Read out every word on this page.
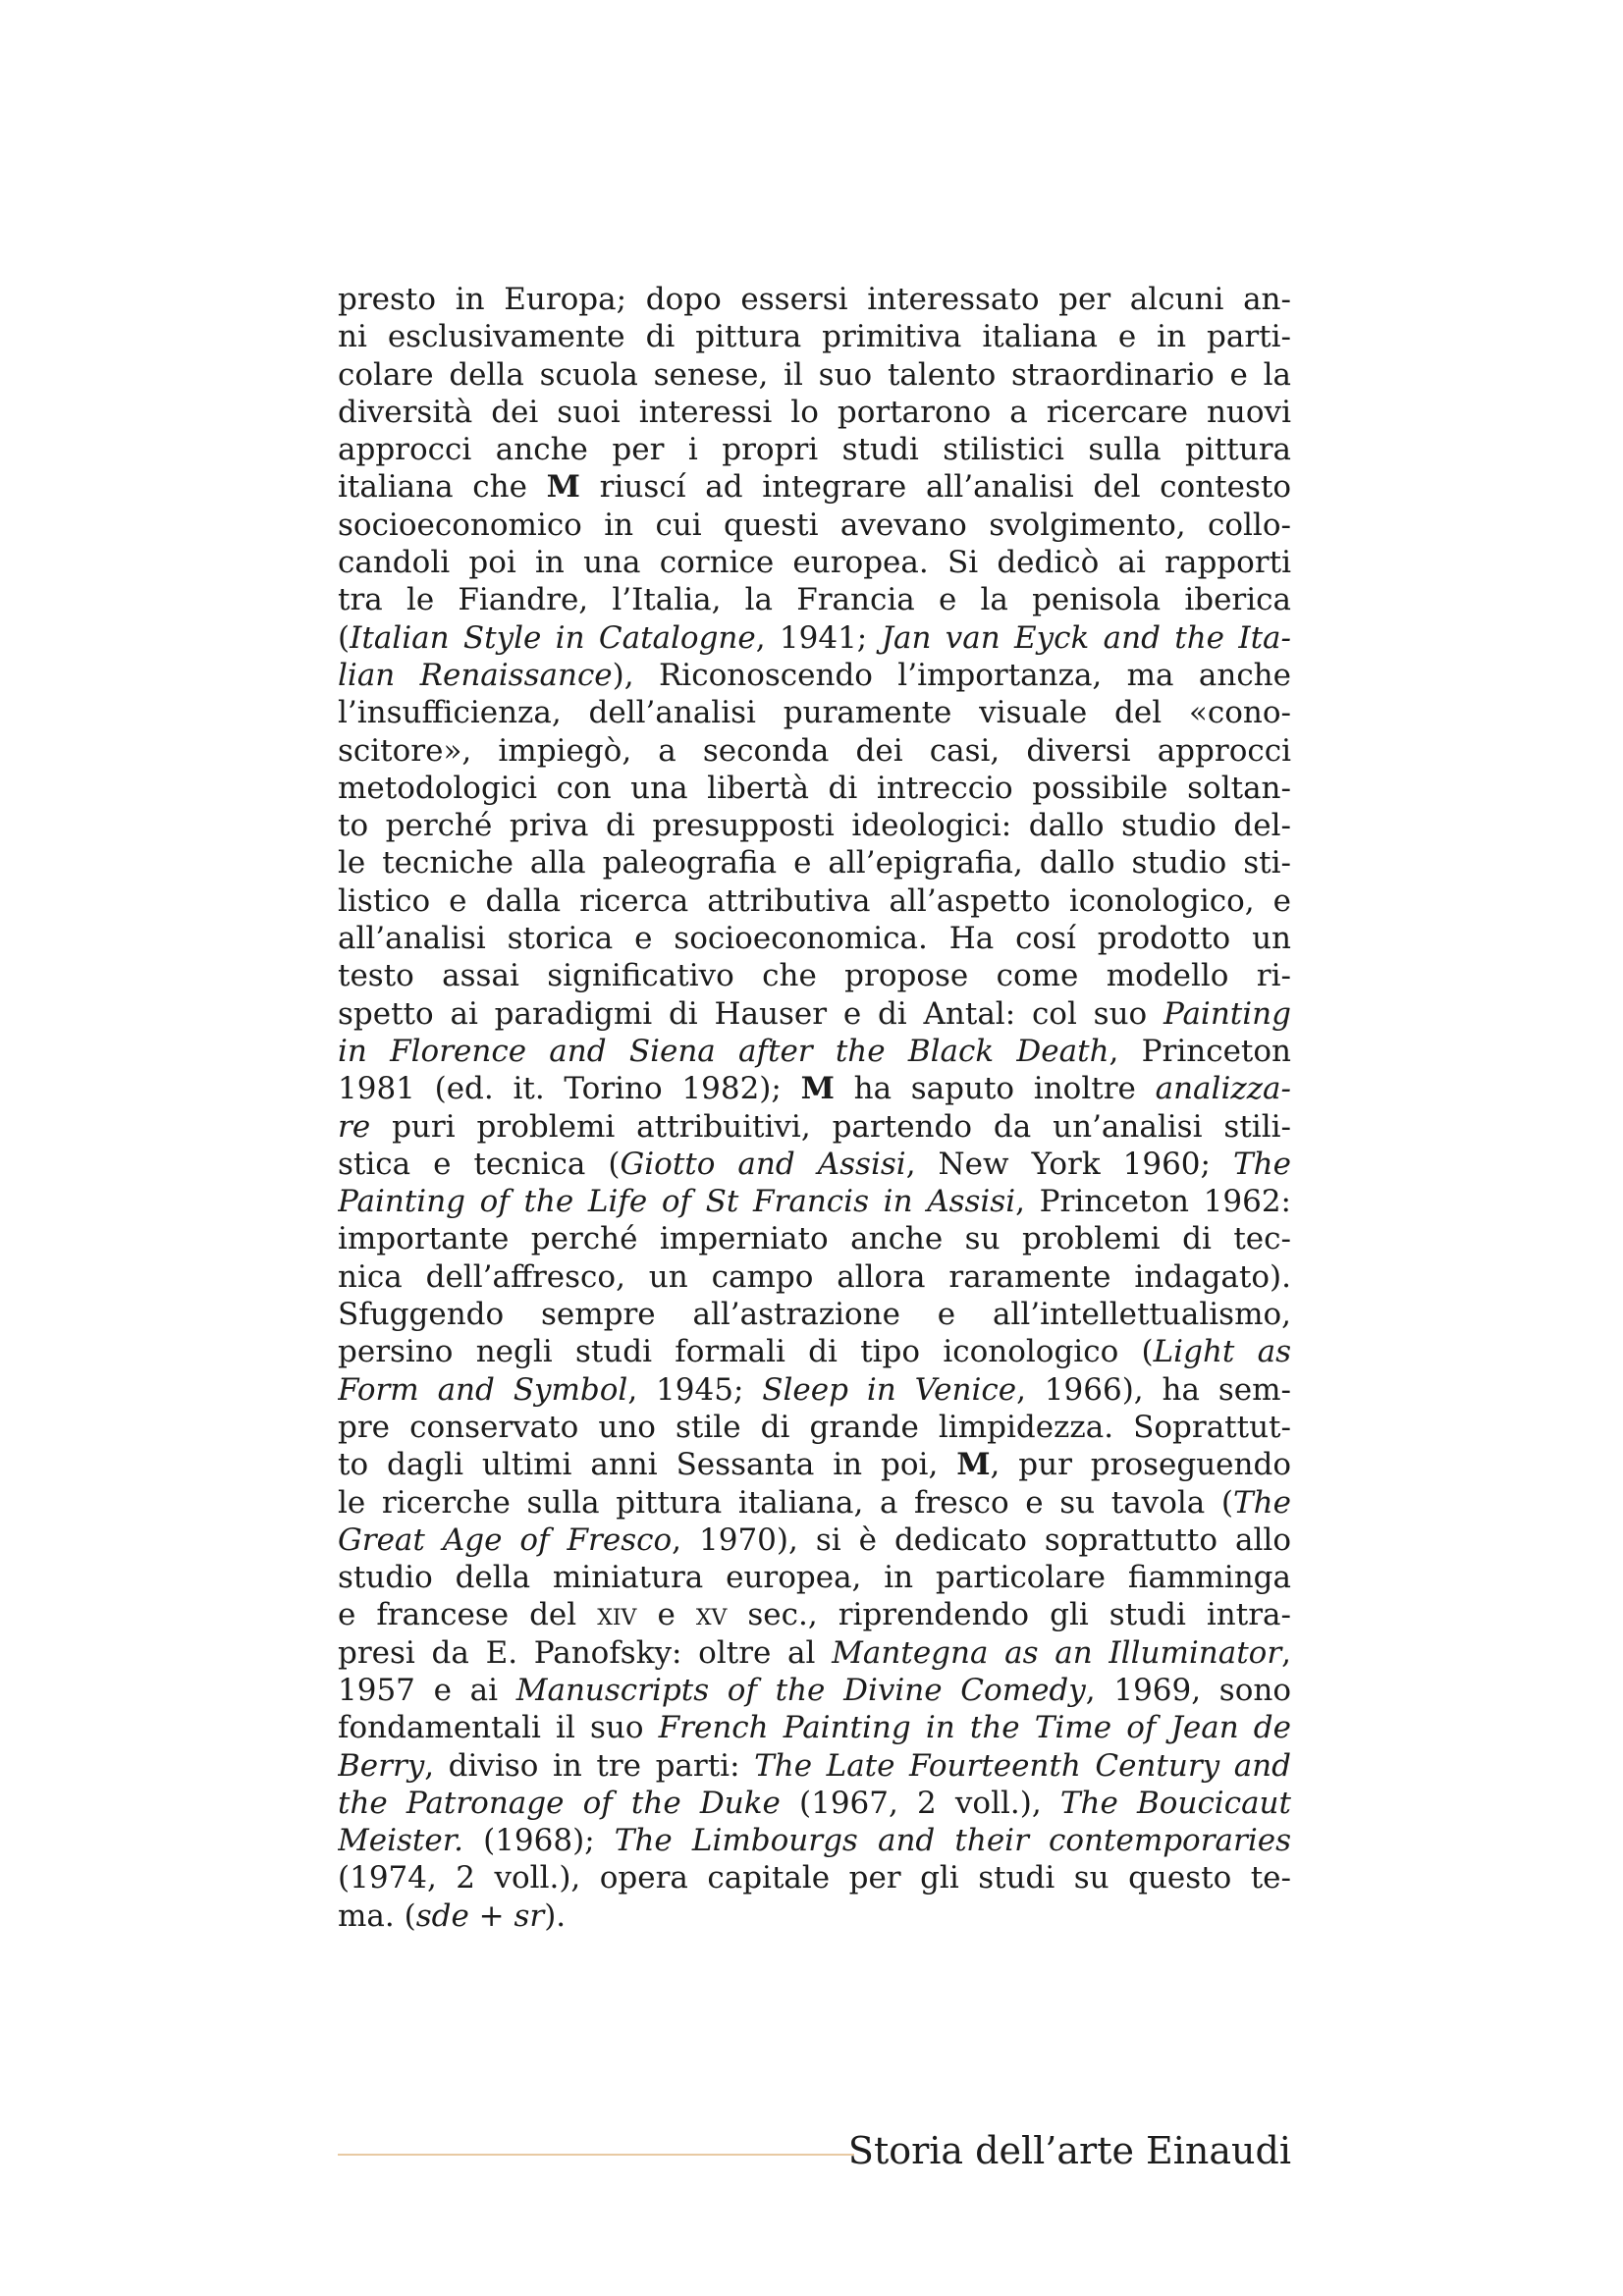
presto in Europa; dopo essersi interessato per alcuni an-
ni esclusivamente di pittura primitiva italiana e in parti-
colare della scuola senese, il suo talento straordinario e la
diversità dei suoi interessi lo portarono a ricercare nuovi
approcci anche per i propri studi stilistici sulla pittura
italiana che M riuscí ad integrare all’analisi del contesto
socioeconomico in cui questi avevano svolgimento, collo-
candoli poi in una cornice europea. Si dedicò ai rapporti
tra le Fiandre, l’Italia, la Francia e la penisola iberica
(Italian Style in Catalogne, 1941; Jan van Eyck and the Ita-
lian Renaissance), Riconoscendo l’importanza, ma anche
l’insufficienza, dell’analisi puramente visuale del «cono-
scitore», impiegò, a seconda dei casi, diversi approcci
metodologici con una libertà di intreccio possibile soltan-
to perché priva di presupposti ideologici: dallo studio del-
le tecniche alla paleografia e all’epigrafia, dallo studio sti-
listico e dalla ricerca attributiva all’aspetto iconologico, e
all’analisi storica e socioeconomica. Ha cosí prodotto un
testo assai significativo che propose come modello ri-
spetto ai paradigmi di Hauser e di Antal: col suo Painting
in Florence and Siena after the Black Death, Princeton
1981 (ed. it. Torino 1982); M ha saputo inoltre analizza-
re puri problemi attribuitivi, partendo da un’analisi stili-
stica e tecnica (Giotto and Assisi, New York 1960; The
Painting of the Life of St Francis in Assisi, Princeton 1962:
importante perché imperniato anche su problemi di tec-
nica dell’affresco, un campo allora raramente indagato).
Sfuggendo sempre all’astrazione e all’intellettualismo,
persino negli studi formali di tipo iconologico (Light as
Form and Symbol, 1945; Sleep in Venice, 1966), ha sem-
pre conservato uno stile di grande limpidezza. Soprattut-
to dagli ultimi anni Sessanta in poi, M, pur proseguendo
le ricerche sulla pittura italiana, a fresco e su tavola (The
Great Age of Fresco, 1970), si è dedicato soprattutto allo
studio della miniatura europea, in particolare fiamminga
e francese del xiv e xv sec., riprendendo gli studi intra-
presi da E. Panofsky: oltre al Mantegna as an Illuminator,
1957 e ai Manuscripts of the Divine Comedy, 1969, sono
fondamentali il suo French Painting in the Time of Jean de
Berry, diviso in tre parti: The Late Fourteenth Century and
the Patronage of the Duke (1967, 2 voll.), The Boucicaut
Meister. (1968); The Limbourgs and their contemporaries
(1974, 2 voll.), opera capitale per gli studi su questo te-
ma. (sde + sr).
Storia dell’arte Einaudi
